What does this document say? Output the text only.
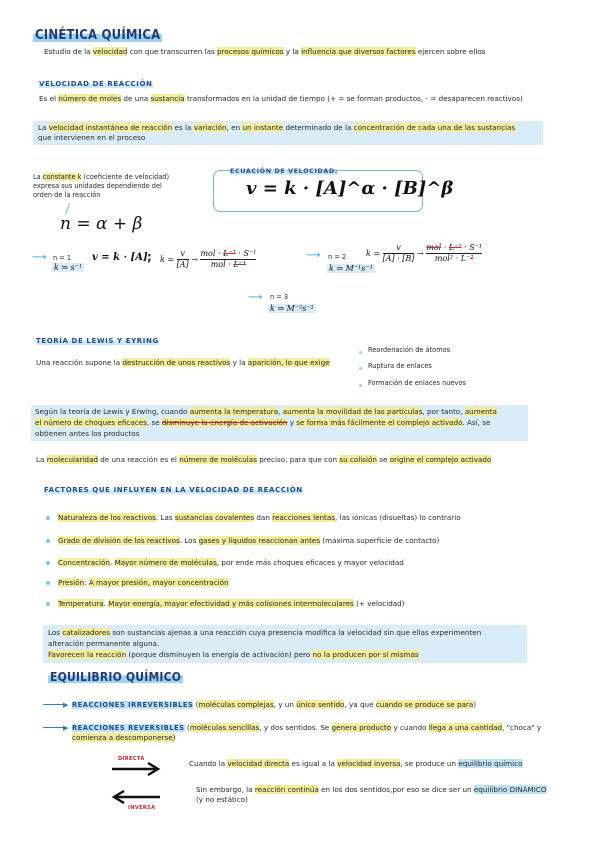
CINÉTICA QUÍMICA
Estudio de la velocidad con que transcurren las procesos químicos y la influencia que diversos factores ejercen sobre ellos
VELOCIDAD DE REACCIÓN
Es el número de moles de una sustancia transformados en la unidad de tiempo (+ = se forman productos, - = desaparecen reactivos)
La velocidad instantánea de reacción es la variación, en un instante determinado de la concentración de cada una de las sustancias
que intervienen en el proceso
La constante k (coeficiente de velocidad)
expresa sus unidades dependiendo del
orden de la reacción
n = α + β
ECUACIÓN DE VELOCIDAD:
v = k · [A]^α · [B]^β
⟶ n = 1
k ⇒ s⁻¹
v = k · [A] ; $k = \frac{v}{[A]}$ →
mol · L⁻¹ · S⁻¹
mol · L⁻¹
⟶ n = 2
k ⇒ M⁻¹s⁻¹
$k = \frac{v}{[A] \cdot [B]}$ →
mol · L⁻¹ · S⁻¹
mol² · L⁻²
⟶ n = 3
k ⇒ M⁻²s⁻¹
TEORÍA DE LEWIS Y EYRING
Una reacción supone la destrucción de unos reactivos y la aparición, lo que exige
Reordenación de átomos
Ruptura de enlaces
Formación de enlaces nuevos
Según la teoría de Lewis y Erwing, cuando aumenta la temperatura, aumenta la movilidad de las partículas, por tanto, aumenta
el número de choques eficaces, se disminuye la energía de activación y se forma más fácilmente el complejo activado. Así, se
obtienen antes los productos
La molecularidad de una reacción es el número de moléculas preciso, para que con su colisión se origine el complejo activado
FACTORES QUE INFLUYEN EN LA VELOCIDAD DE REACCIÓN
Naturaleza de los reactivos. Las sustancias covalentes dan reacciones lentas, las iónicas (disueltas) lo contrario
Grado de división de los reactivos. Los gases y líquidos reaccionan antes (máxima superficie de contacto)
Concentración. Mayor número de moléculas, por ende más choques eficaces y mayor velocidad
Presión: A mayor presión, mayor concentración
Temperatura. Mayor energía, mayor efectividad y más colisiones intermoleculares (+ velocidad)
Los catalizadores son sustancias ajenas a una reacción cuya presencia modifica la velocidad sin que ellas experimenten
alteración permanente alguna.
Favorecen la reacción (porque disminuyen la energía de activación) pero no la producen por sí mismas
EQUILIBRIO QUÍMICO
▶ REACCIONES IRREVERSIBLES (moléculas complejas, y un único sentido, ya que cuando se produce se para)
▶ REACCIONES REVERSIBLES (moléculas sencillas, y dos sentidos. Se genera producto y cuando llega a una cantidad, "choca" y
comienza a descomponerse)
DIRECTA
INVERSA
Cuando la velocidad directa es igual a la velocidad inversa, se produce un equilibrio químico
Sin embargo, la reacción continúa en los dos sentidos,por eso se dice ser un equilibrio DINÁMICO
(y no estático)
